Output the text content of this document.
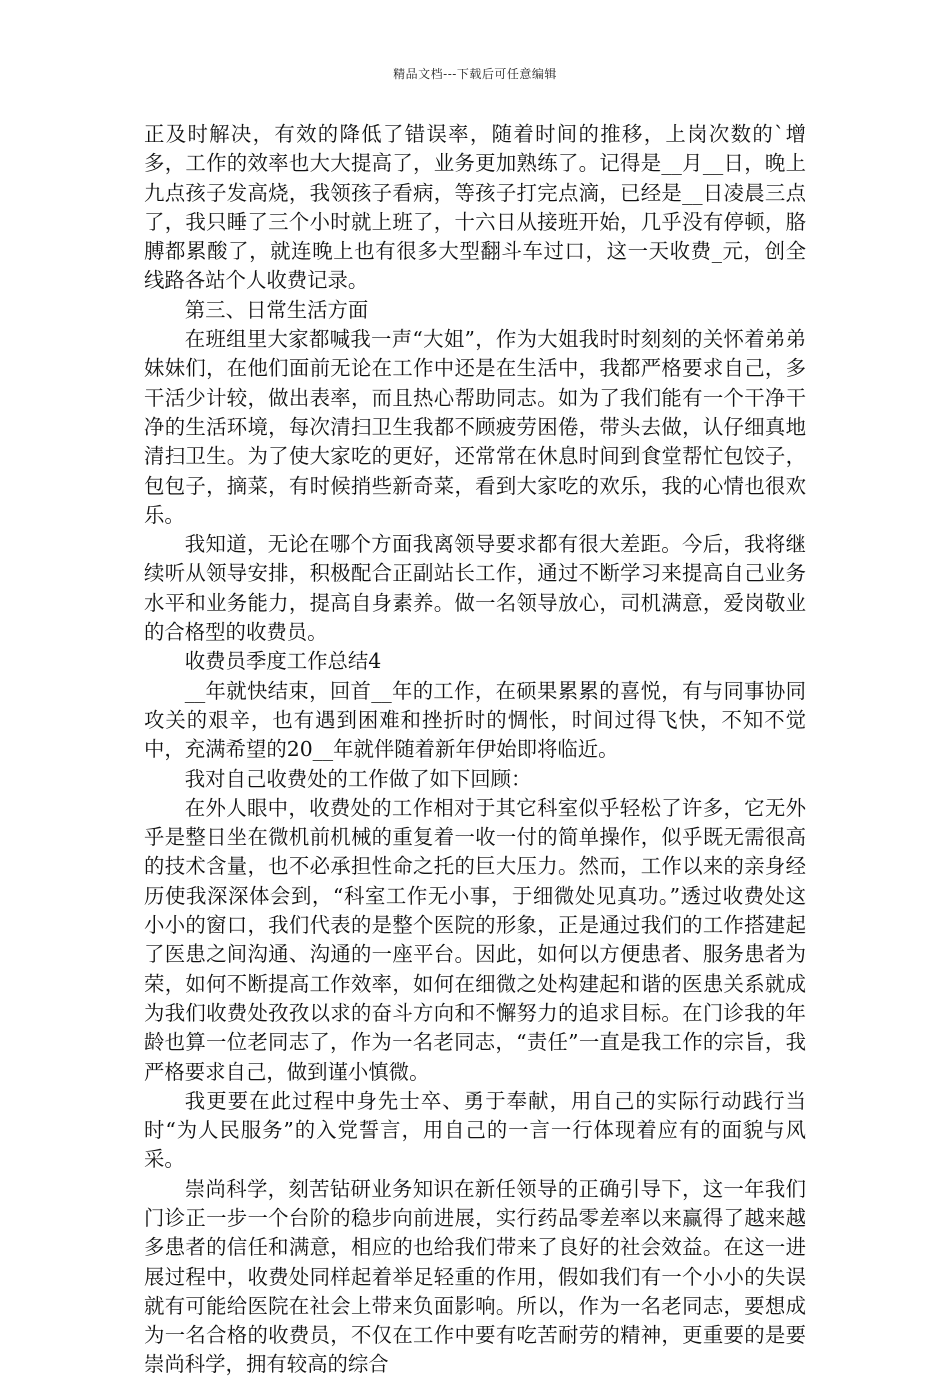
精品文档---下载后可任意编辑

正及时解决，有效的降低了错误率，随着时间的推移，上岗次数的`增多，工作的效率也大大提高了，业务更加熟练了。记得是__月__日，晚上九点孩子发高烧，我领孩子看病，等孩子打完点滴，已经是__日凌晨三点了，我只睡了三个小时就上班了，十六日从接班开始，几乎没有停顿，胳膊都累酸了，就连晚上也有很多大型翻斗车过口，这一天收费_元，创全线路各站个人收费记录。

第三、日常生活方面

在班组里大家都喊我一声“大姐”，作为大姐我时时刻刻的关怀着弟弟妹妹们，在他们面前无论在工作中还是在生活中，我都严格要求自己，多干活少计较，做出表率，而且热心帮助同志。如为了我们能有一个干净干净的生活环境，每次清扫卫生我都不顾疲劳困倦，带头去做，认仔细真地清扫卫生。为了使大家吃的更好，还常常在休息时间到食堂帮忙包饺子，包包子，摘菜，有时候捎些新奇菜，看到大家吃的欢乐，我的心情也很欢乐。

我知道，无论在哪个方面我离领导要求都有很大差距。今后，我将继续听从领导安排，积极配合正副站长工作，通过不断学习来提高自己业务水平和业务能力，提高自身素养。做一名领导放心，司机满意，爱岗敬业的合格型的收费员。

收费员季度工作总结4

__年就快结束，回首__年的工作，在硕果累累的喜悦，有与同事协同攻关的艰辛，也有遇到困难和挫折时的惆怅，时间过得飞快，不知不觉中，充满希望的20__年就伴随着新年伊始即将临近。

我对自己收费处的工作做了如下回顾：

在外人眼中，收费处的工作相对于其它科室似乎轻松了许多，它无外乎是整日坐在微机前机械的重复着一收一付的简单操作，似乎既无需很高的技术含量，也不必承担性命之托的巨大压力。然而，工作以来的亲身经历使我深深体会到，“科室工作无小事，于细微处见真功。”透过收费处这小小的窗口，我们代表的是整个医院的形象，正是通过我们的工作搭建起了医患之间沟通、沟通的一座平台。因此，如何以方便患者、服务患者为荣，如何不断提高工作效率，如何在细微之处构建起和谐的医患关系就成为我们收费处孜孜以求的奋斗方向和不懈努力的追求目标。在门诊我的年龄也算一位老同志了，作为一名老同志，“责任”一直是我工作的宗旨，我严格要求自己，做到谨小慎微。

我更要在此过程中身先士卒、勇于奉献，用自己的实际行动践行当时“为人民服务”的入党誓言，用自己的一言一行体现着应有的面貌与风采。

崇尚科学，刻苦钻研业务知识在新任领导的正确引导下，这一年我们门诊正一步一个台阶的稳步向前进展，实行药品零差率以来赢得了越来越多患者的信任和满意，相应的也给我们带来了良好的社会效益。在这一进展过程中，收费处同样起着举足轻重的作用，假如我们有一个小小的失误就有可能给医院在社会上带来负面影响。所以，作为一名老同志，要想成为一名合格的收费员，不仅在工作中要有吃苦耐劳的精神，更重要的是要崇尚科学，拥有较高的综合
